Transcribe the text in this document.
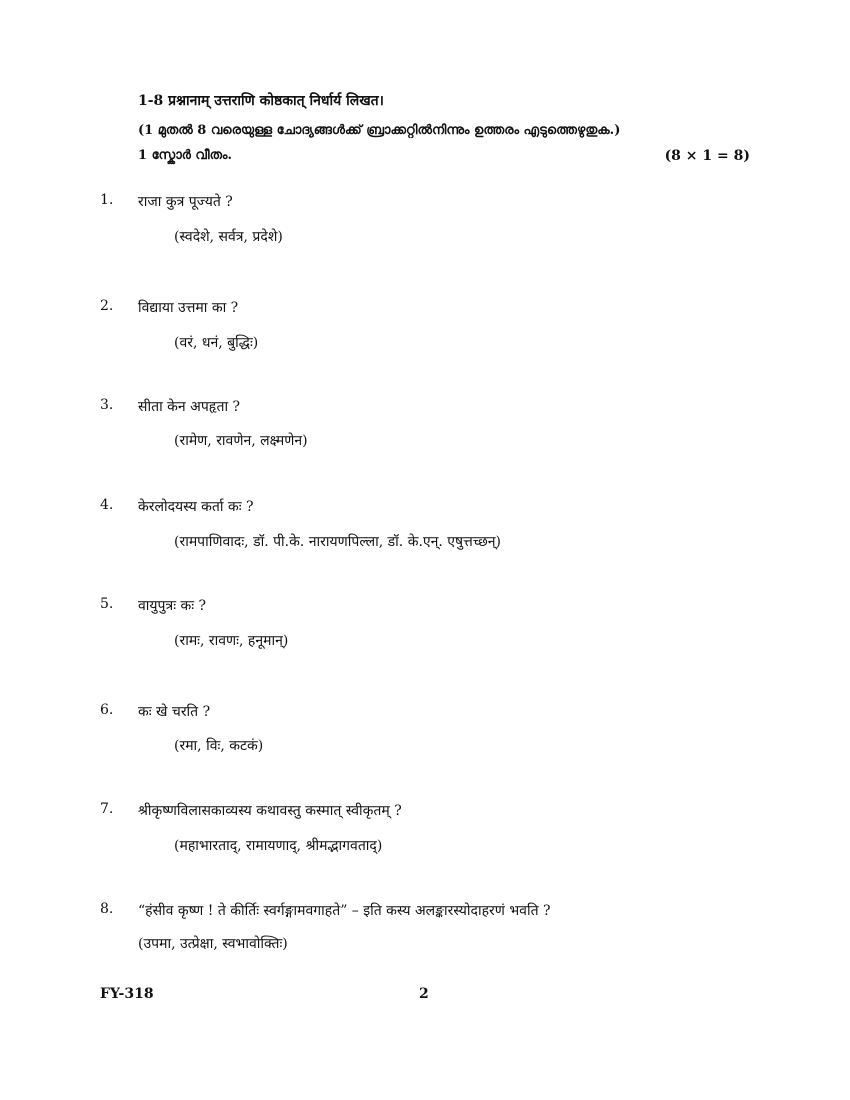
1-8 प्रश्नानाम् उत्तराणि कोष्ठकात् निर्धार्य लिखत।
(1 മുതൽ 8 വരെയുള്ള ചോദ്യങ്ങൾക്ക് ബ്രാക്കറ്റിൽനിന്നും ഉത്തരം എടുത്തെഴുതുക.)
1 സ്കോർ വീതം.	(8 × 1 = 8)
1. राजा कुत्र पूज्यते ?
(स्वदेशे, सर्वत्र, प्रदेशे)
2. विद्याया उत्तमा का ?
(वरं, धनं, बुद्धिः)
3. सीता केन अपहृता ?
(रामेण, रावणेन, लक्ष्मणेन)
4. केरलोदयस्य कर्ता कः ?
(रामपाणिवादः, डॉ. पी.के. नारायणपिल्ला, डॉ. के.एन्. एषुत्तच्छन्)
5. वायुपुत्रः कः ?
(रामः, रावणः, हनूमान्)
6. कः खे चरति ?
(रमा, विः, कटकं)
7. श्रीकृष्णविलासकाव्यस्य कथावस्तु कस्मात् स्वीकृतम् ?
(महाभारताद्, रामायणाद्, श्रीमद्भागवताद्)
8. “हंसीव कृष्ण ! ते कीर्तिः स्वर्गङ्गामवगाहते” – इति कस्य अलङ्कारस्योदाहरणं भवति ?
(उपमा, उत्प्रेक्षा, स्वभावोक्तिः)
FY-318	2
